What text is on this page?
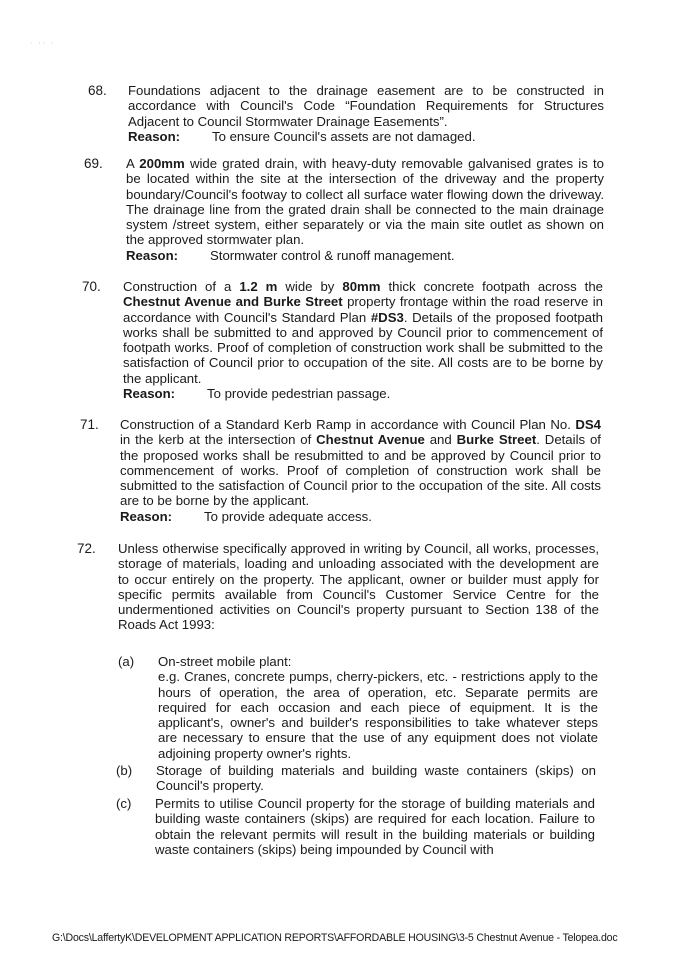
· ·· ·
68. Foundations adjacent to the drainage easement are to be constructed in accordance with Council's Code “Foundation Requirements for Structures Adjacent to Council Stormwater Drainage Easements”.
Reason: To ensure Council's assets are not damaged.
69. A 200mm wide grated drain, with heavy-duty removable galvanised grates is to be located within the site at the intersection of the driveway and the property boundary/Council's footway to collect all surface water flowing down the driveway. The drainage line from the grated drain shall be connected to the main drainage system /street system, either separately or via the main site outlet as shown on the approved stormwater plan.
Reason: Stormwater control & runoff management.
70. Construction of a 1.2 m wide by 80mm thick concrete footpath across the Chestnut Avenue and Burke Street property frontage within the road reserve in accordance with Council's Standard Plan #DS3. Details of the proposed footpath works shall be submitted to and approved by Council prior to commencement of footpath works. Proof of completion of construction work shall be submitted to the satisfaction of Council prior to occupation of the site. All costs are to be borne by the applicant.
Reason: To provide pedestrian passage.
71. Construction of a Standard Kerb Ramp in accordance with Council Plan No. DS4 in the kerb at the intersection of Chestnut Avenue and Burke Street. Details of the proposed works shall be resubmitted to and be approved by Council prior to commencement of works. Proof of completion of construction work shall be submitted to the satisfaction of Council prior to the occupation of the site. All costs are to be borne by the applicant.
Reason: To provide adequate access.
72. Unless otherwise specifically approved in writing by Council, all works, processes, storage of materials, loading and unloading associated with the development are to occur entirely on the property. The applicant, owner or builder must apply for specific permits available from Council's Customer Service Centre for the undermentioned activities on Council's property pursuant to Section 138 of the Roads Act 1993:
(a) On-street mobile plant:
e.g. Cranes, concrete pumps, cherry-pickers, etc. - restrictions apply to the hours of operation, the area of operation, etc. Separate permits are required for each occasion and each piece of equipment. It is the applicant's, owner's and builder's responsibilities to take whatever steps are necessary to ensure that the use of any equipment does not violate adjoining property owner's rights.
(b) Storage of building materials and building waste containers (skips) on Council's property.
(c) Permits to utilise Council property for the storage of building materials and building waste containers (skips) are required for each location. Failure to obtain the relevant permits will result in the building materials or building waste containers (skips) being impounded by Council with
G:\Docs\LaffertyK\DEVELOPMENT APPLICATION REPORTS\AFFORDABLE HOUSING\3-5 Chestnut Avenue - Telopea.doc
